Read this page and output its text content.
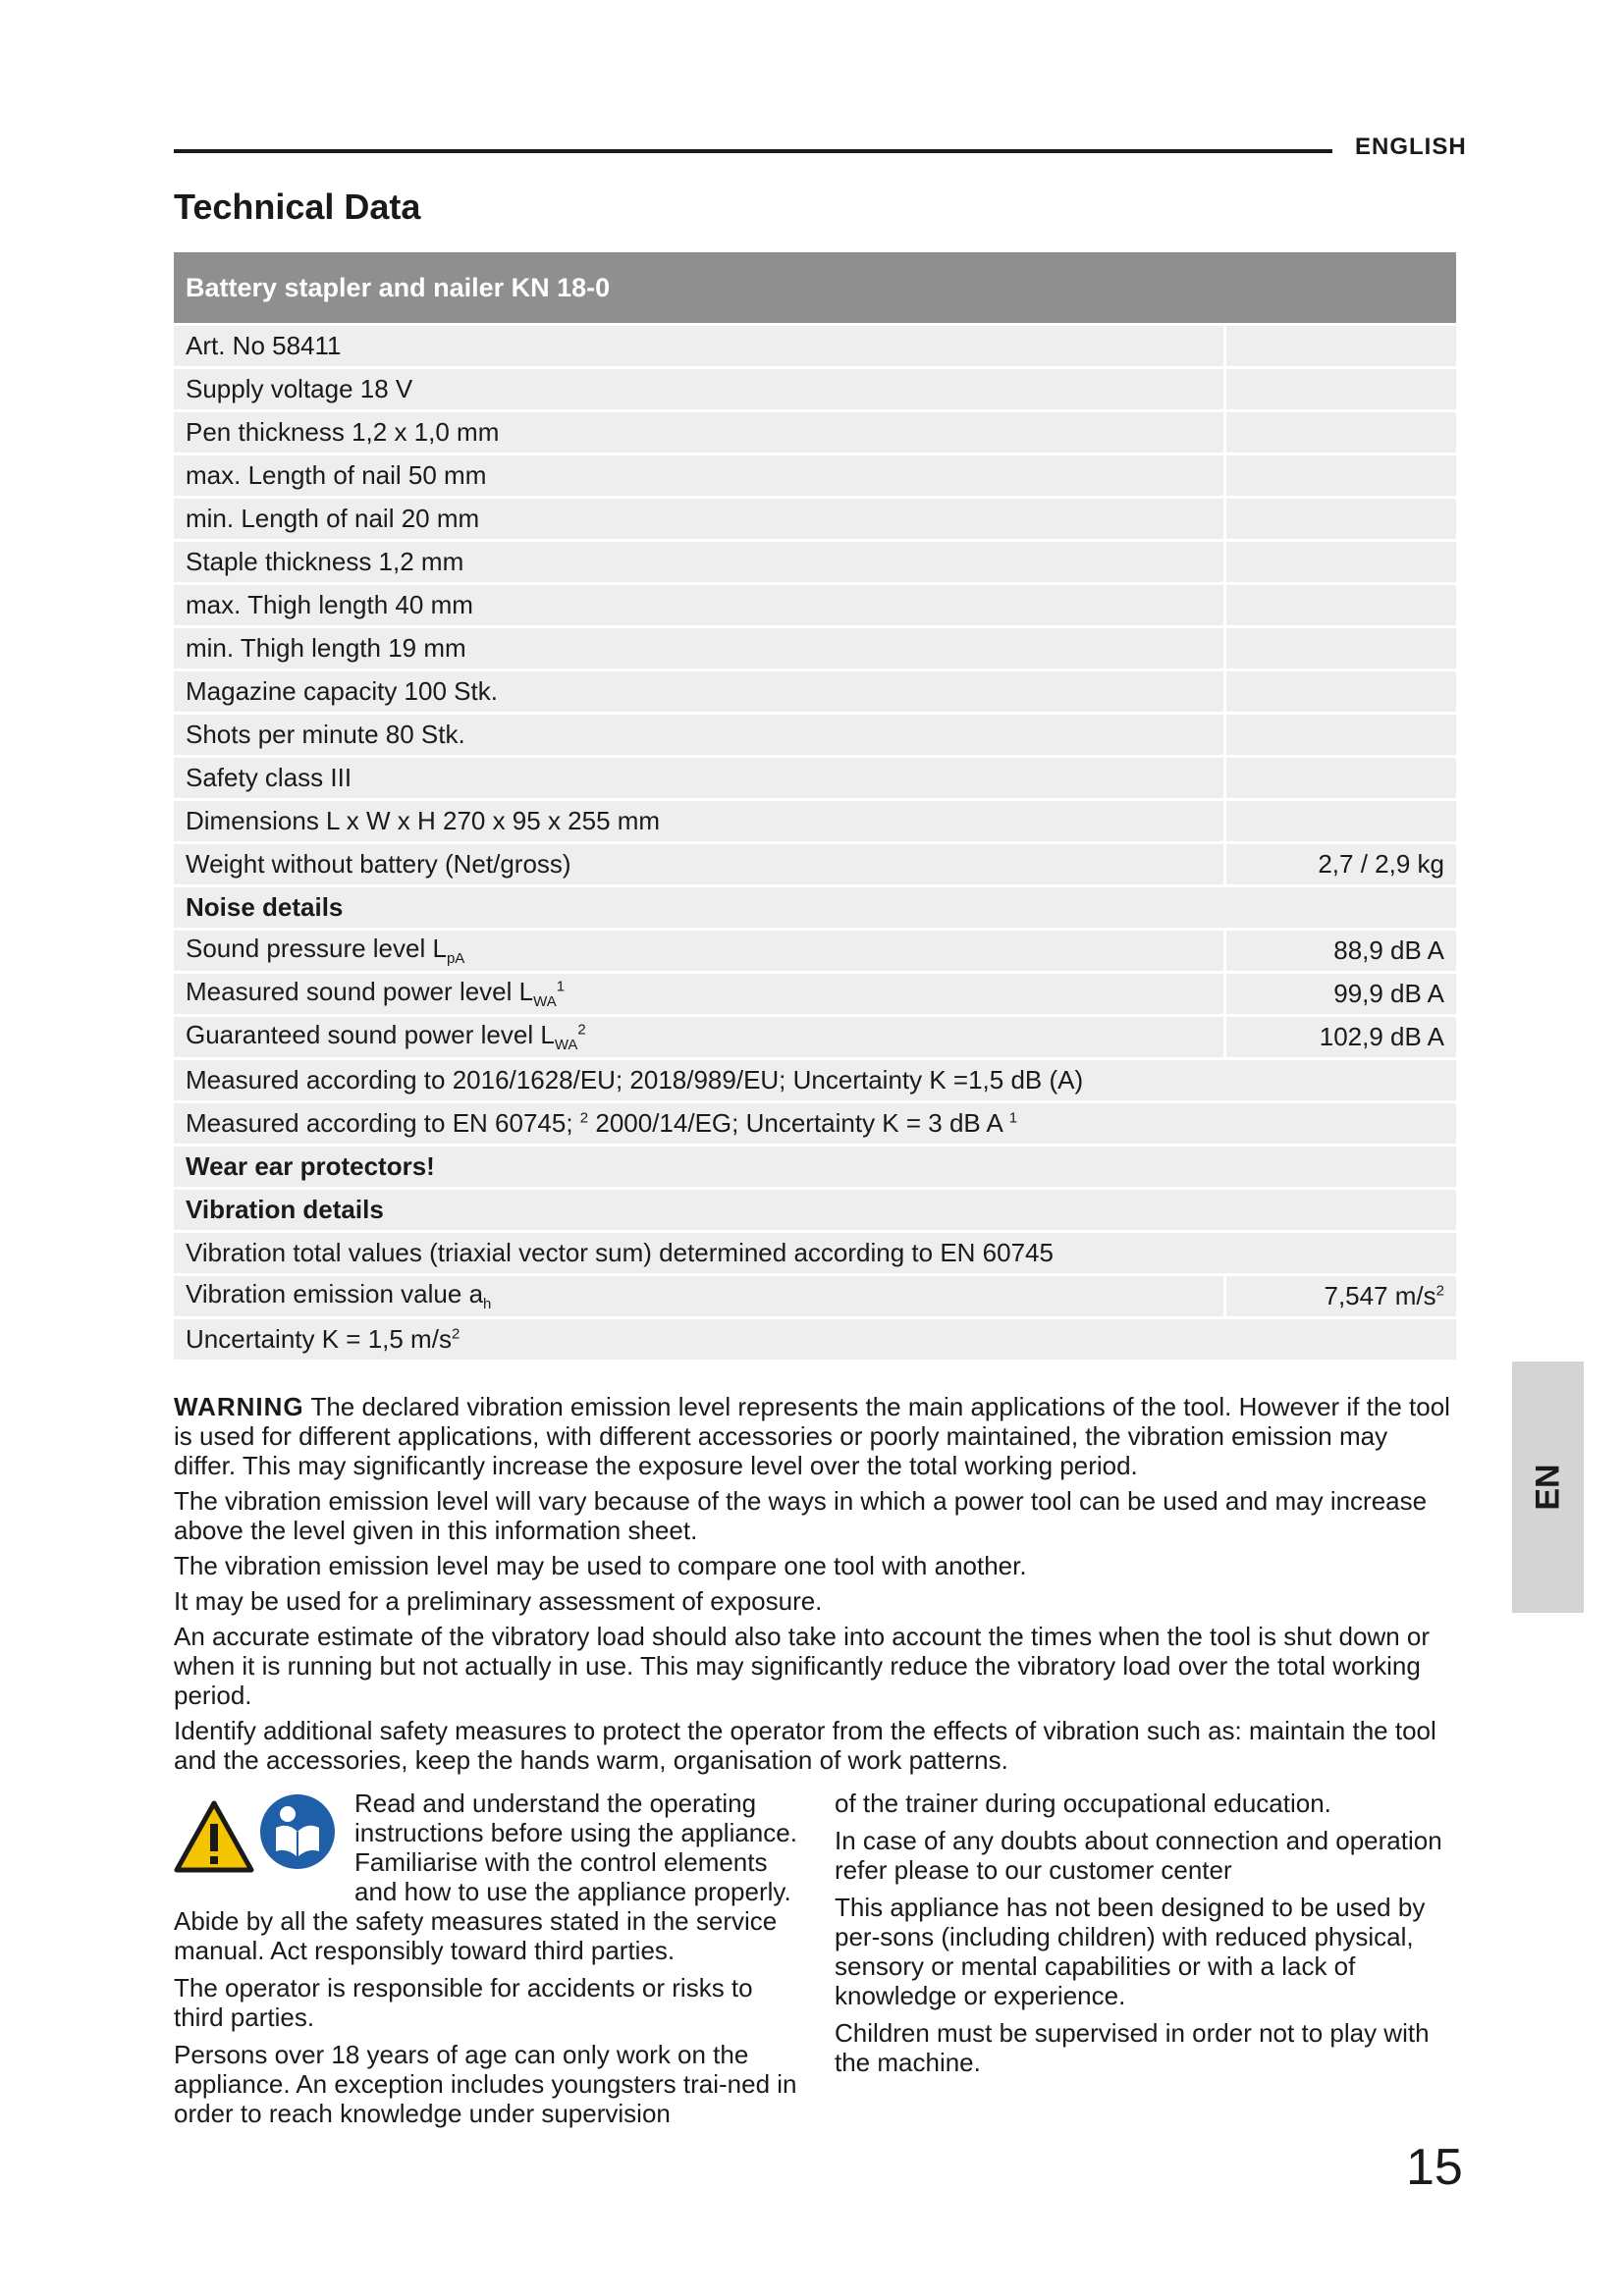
ENGLISH
Technical Data
Battery stapler and nailer KN 18-0	
Art. No 58411	
Supply voltage 18 V	
Pen thickness 1,2 x 1,0 mm	
max. Length of nail 50 mm	
min. Length of nail 20 mm	
Staple thickness 1,2 mm	
max. Thigh length 40 mm	
min. Thigh length 19 mm	
Magazine capacity 100 Stk.	
Shots per minute 80 Stk.	
Safety class III	
Dimensions L x W x H 270 x 95 x 255 mm	
Weight without battery (Net/gross)	2,7 / 2,9 kg
Noise details	
Sound pressure level $L_{pA}$	88,9 dB A
Measured sound power level $L_{WA}^1$	99,9 dB A
Guaranteed sound power level $L_{WA}^2$	102,9 dB A
Measured according to 2016/1628/EU; 2018/989/EU; Uncertainty K =1,5 dB (A)	
Measured according to EN 60745; $^2$ 2000/14/EG; Uncertainty K = 3 dB A $^1$
Wear ear protectors!	
Vibration details	
Vibration total values (triaxial vector sum) determined according to EN 60745	
Vibration emission value $a_h$	7,547 $m/s^2$
Uncertainty K = 1,5 $m/s^2$

WARNING The declared vibration emission level represents the main applications of the tool. However if the tool is used for different applications, with different accessories or poorly maintained, the vibration emission may differ. This may significantly increase the exposure level over the total working period.

The vibration emission level will vary because of the ways in which a power tool can be used and may increase above the level given in this information sheet.

The vibration emission level may be used to compare one tool with another.

It may be used for a preliminary assessment of exposure.

An accurate estimate of the vibratory load should also take into account the times when the tool is shut down or when it is running but not actually in use. This may significantly reduce the vibratory load over the total working period.

Identify additional safety measures to protect the operator from the effects of vibration such as: maintain the tool and the accessories, keep the hands warm, organisation of work patterns.

Read and understand the operating instructions before using the appliance. Familiarise with the control elements and how to use the appliance properly. Abide by all the safety measures stated in the service manual. Act responsibly toward third parties.

The operator is responsible for accidents or risks to third parties.

Persons over 18 years of age can only work on the appliance. An exception includes youngsters trai-ned in order to reach knowledge under supervision

of the trainer during occupational education.

In case of any doubts about connection and operation refer please to our customer center

This appliance has not been designed to be used by per-sons (including children) with reduced physical, sensory or mental capabilities or with a lack of knowledge or experience.

Children must be supervised in order not to play with the machine.

EN
15
